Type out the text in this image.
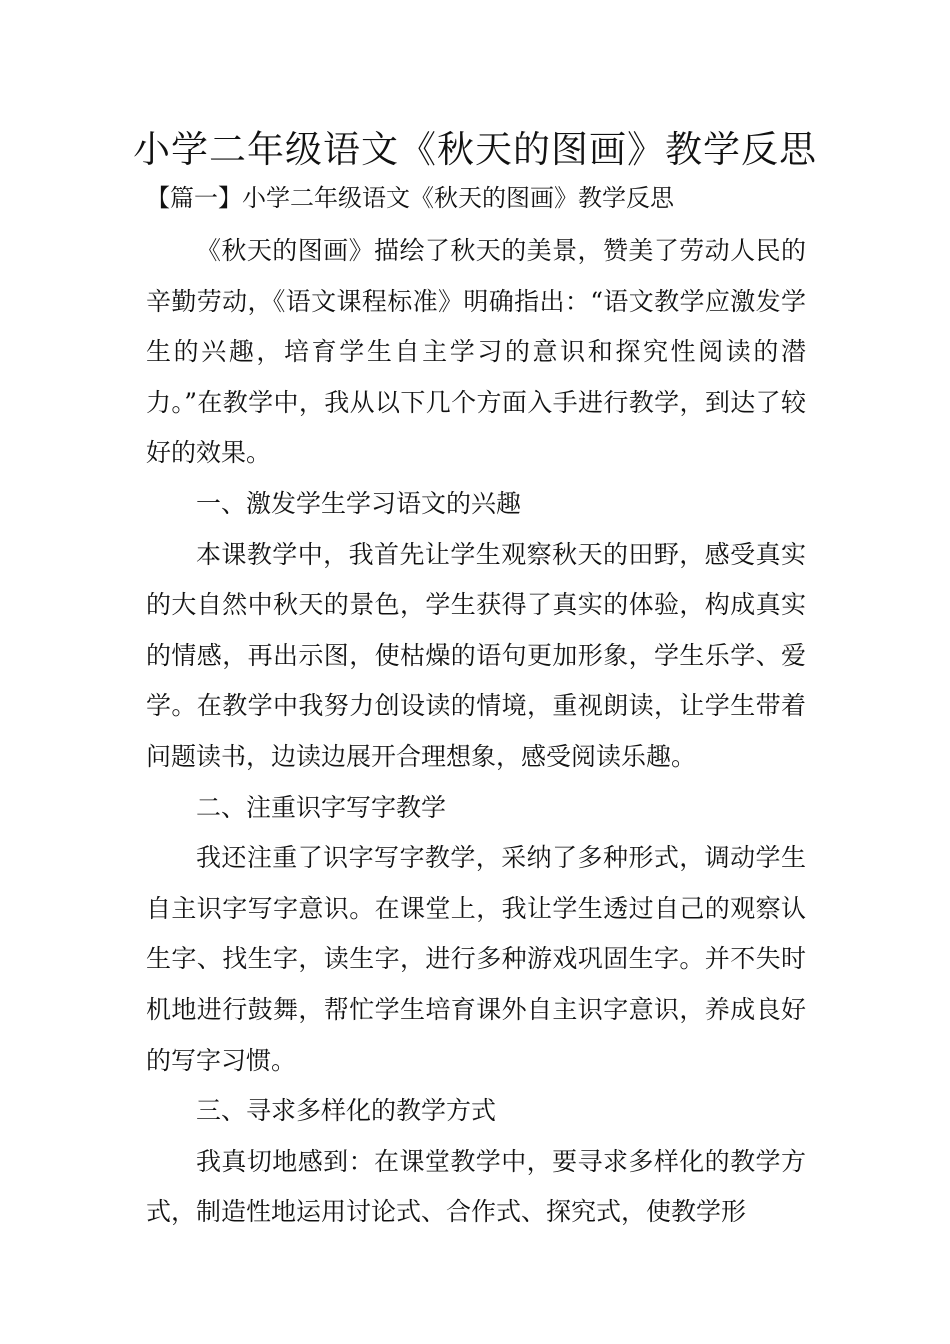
小学二年级语文《秋天的图画》教学反思

【篇一】小学二年级语文《秋天的图画》教学反思

《秋天的图画》描绘了秋天的美景，赞美了劳动人民的辛勤劳动，《语文课程标准》明确指出：“语文教学应激发学生的兴趣，培育学生自主学习的意识和探究性阅读的潜力。”在教学中，我从以下几个方面入手进行教学，到达了较好的效果。

一、激发学生学习语文的兴趣

本课教学中，我首先让学生观察秋天的田野，感受真实的大自然中秋天的景色，学生获得了真实的体验，构成真实的情感，再出示图，使枯燥的语句更加形象，学生乐学、爱学。在教学中我努力创设读的情境，重视朗读，让学生带着问题读书，边读边展开合理想象，感受阅读乐趣。

二、注重识字写字教学

我还注重了识字写字教学，采纳了多种形式，调动学生自主识字写字意识。在课堂上，我让学生透过自己的观察认生字、找生字，读生字，进行多种游戏巩固生字。并不失时机地进行鼓舞，帮忙学生培育课外自主识字意识，养成良好的写字习惯。

三、寻求多样化的教学方式

我真切地感到：在课堂教学中，要寻求多样化的教学方式，制造性地运用讨论式、合作式、探究式，使教学形
